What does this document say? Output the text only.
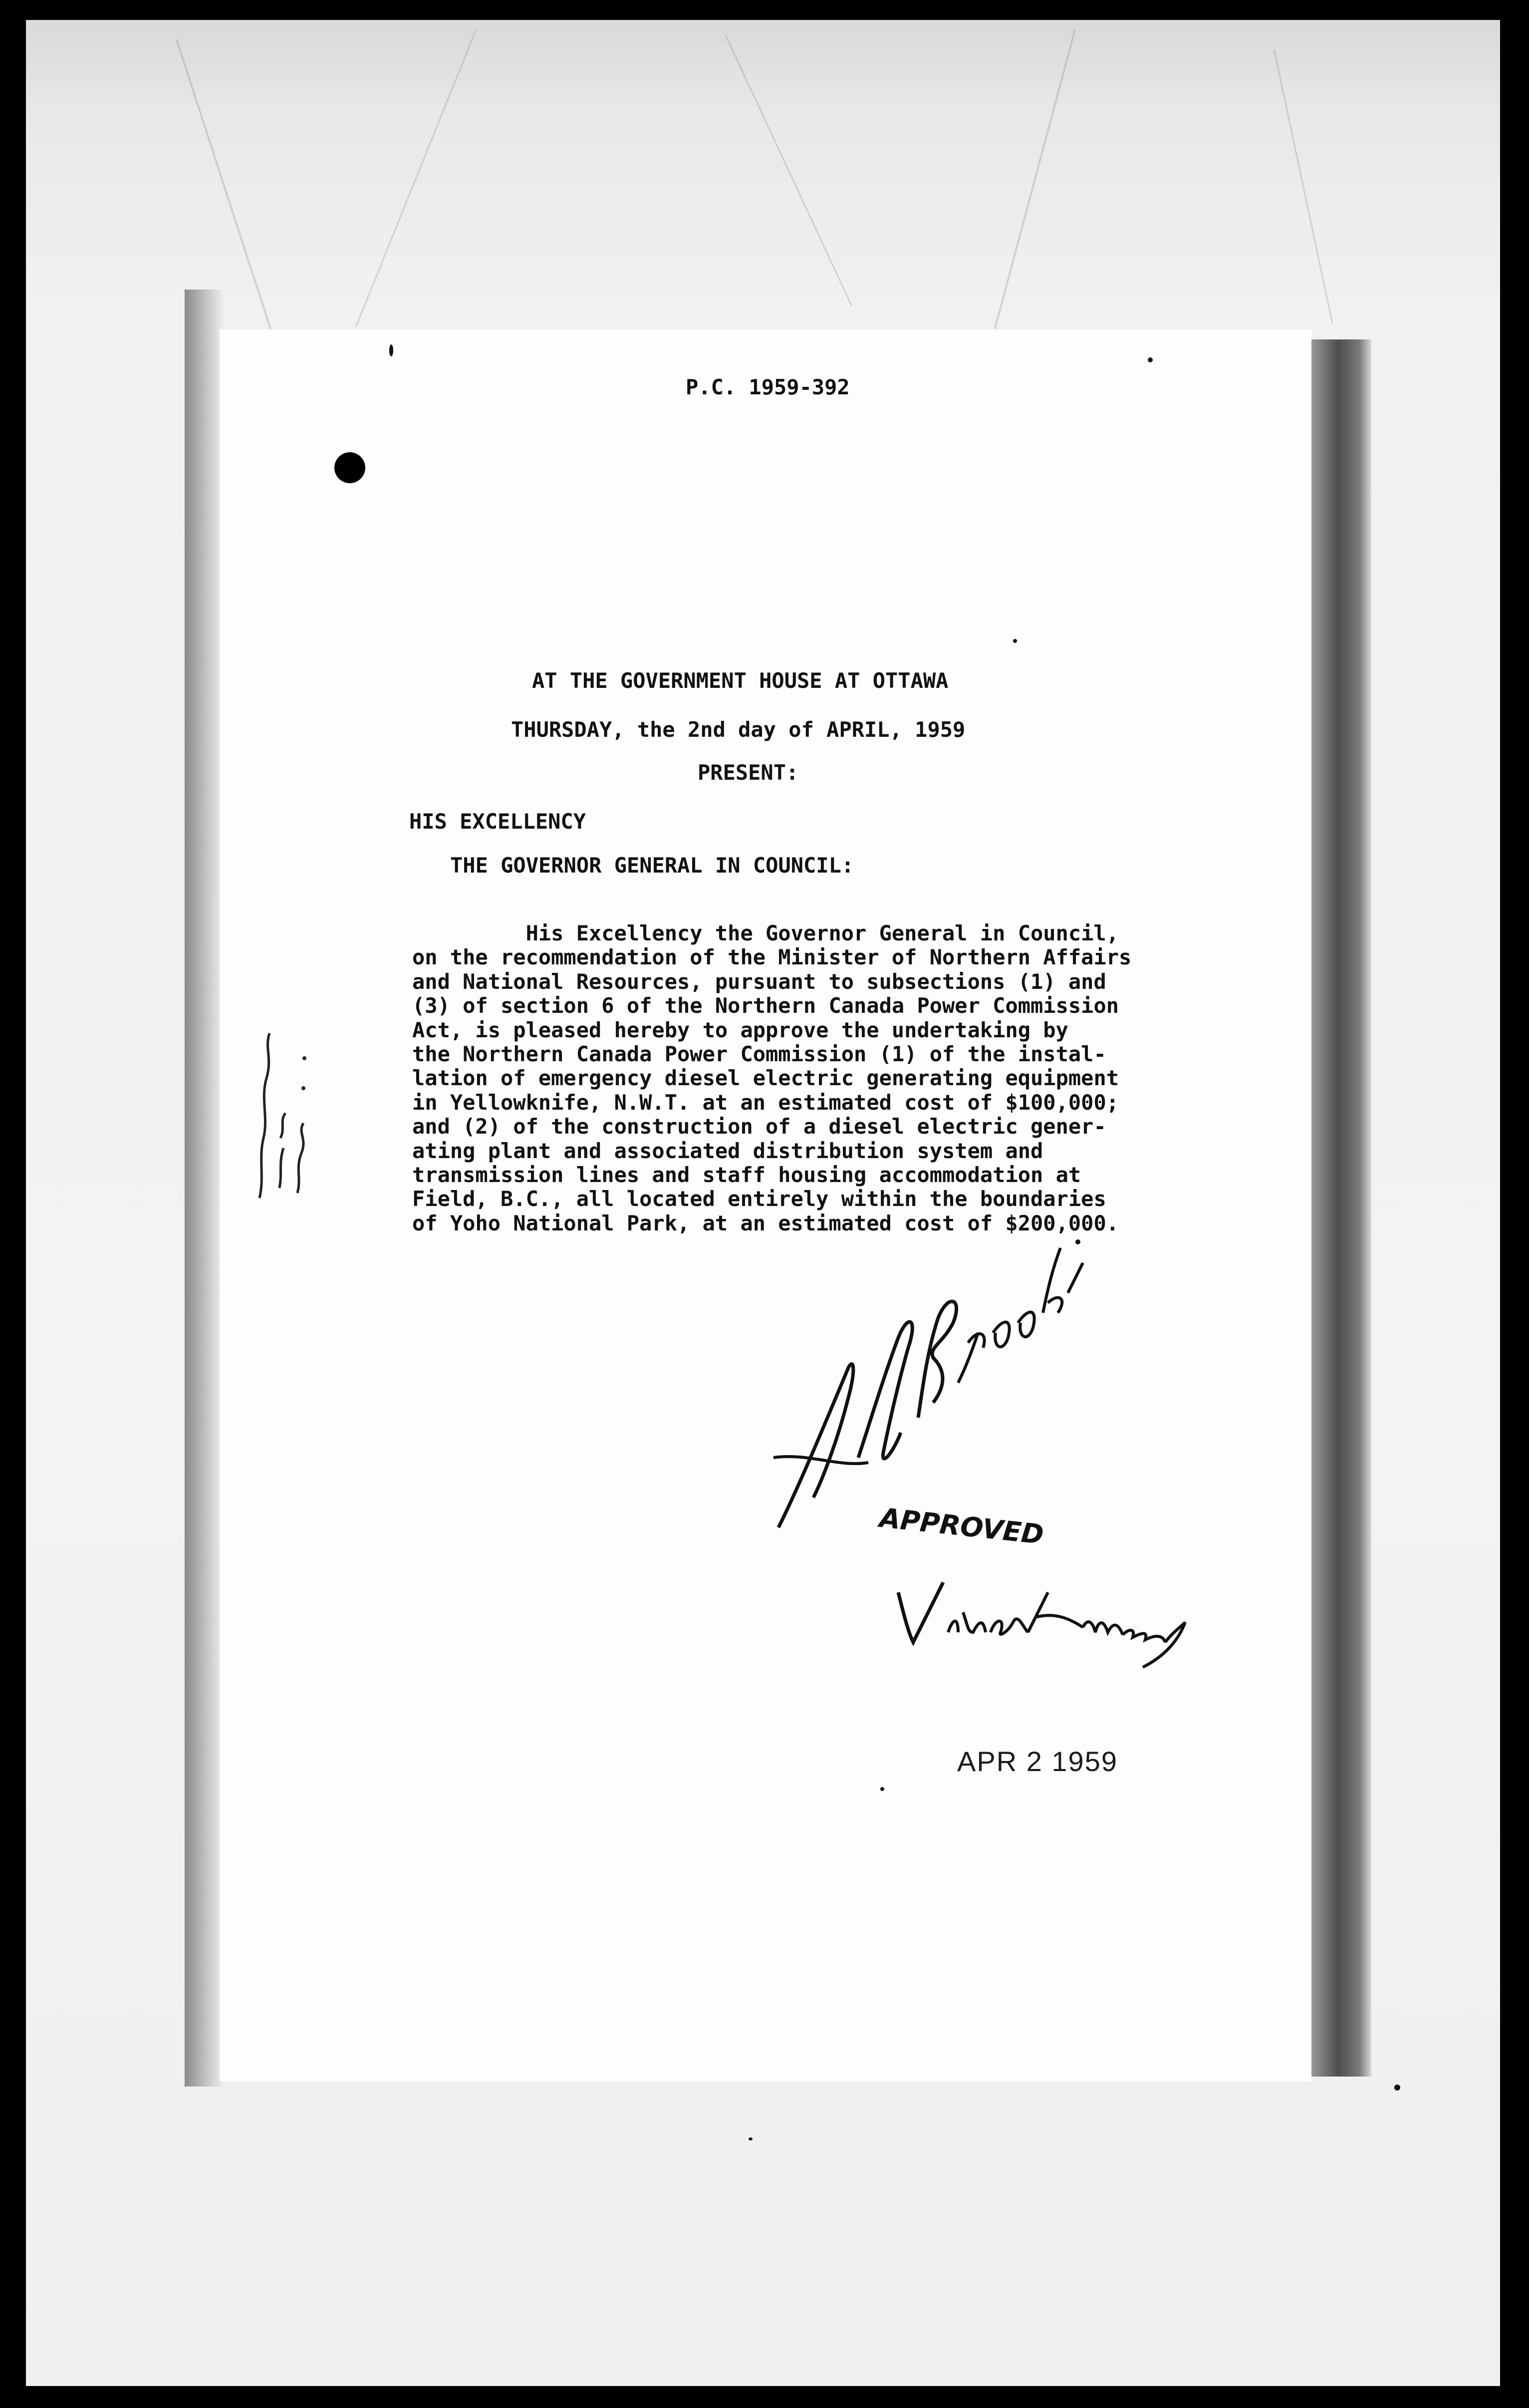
P.C. 1959-392
AT THE GOVERNMENT HOUSE AT OTTAWA
THURSDAY, the 2nd day of APRIL, 1959
PRESENT:
HIS EXCELLENCY
THE GOVERNOR GENERAL IN COUNCIL:
His Excellency the Governor General in Council,
on the recommendation of the Minister of Northern Affairs
and National Resources, pursuant to subsections (1) and
(3) of section 6 of the Northern Canada Power Commission
Act, is pleased hereby to approve the undertaking by
the Northern Canada Power Commission (1) of the instal-
lation of emergency diesel electric generating equipment
in Yellowknife, N.W.T. at an estimated cost of $100,000;
and (2) of the construction of a diesel electric gener-
ating plant and associated distribution system and
transmission lines and staff housing accommodation at
Field, B.C., all located entirely within the boundaries
of Yoho National Park, at an estimated cost of $200,000.
APPROVED
APR 2 1959
